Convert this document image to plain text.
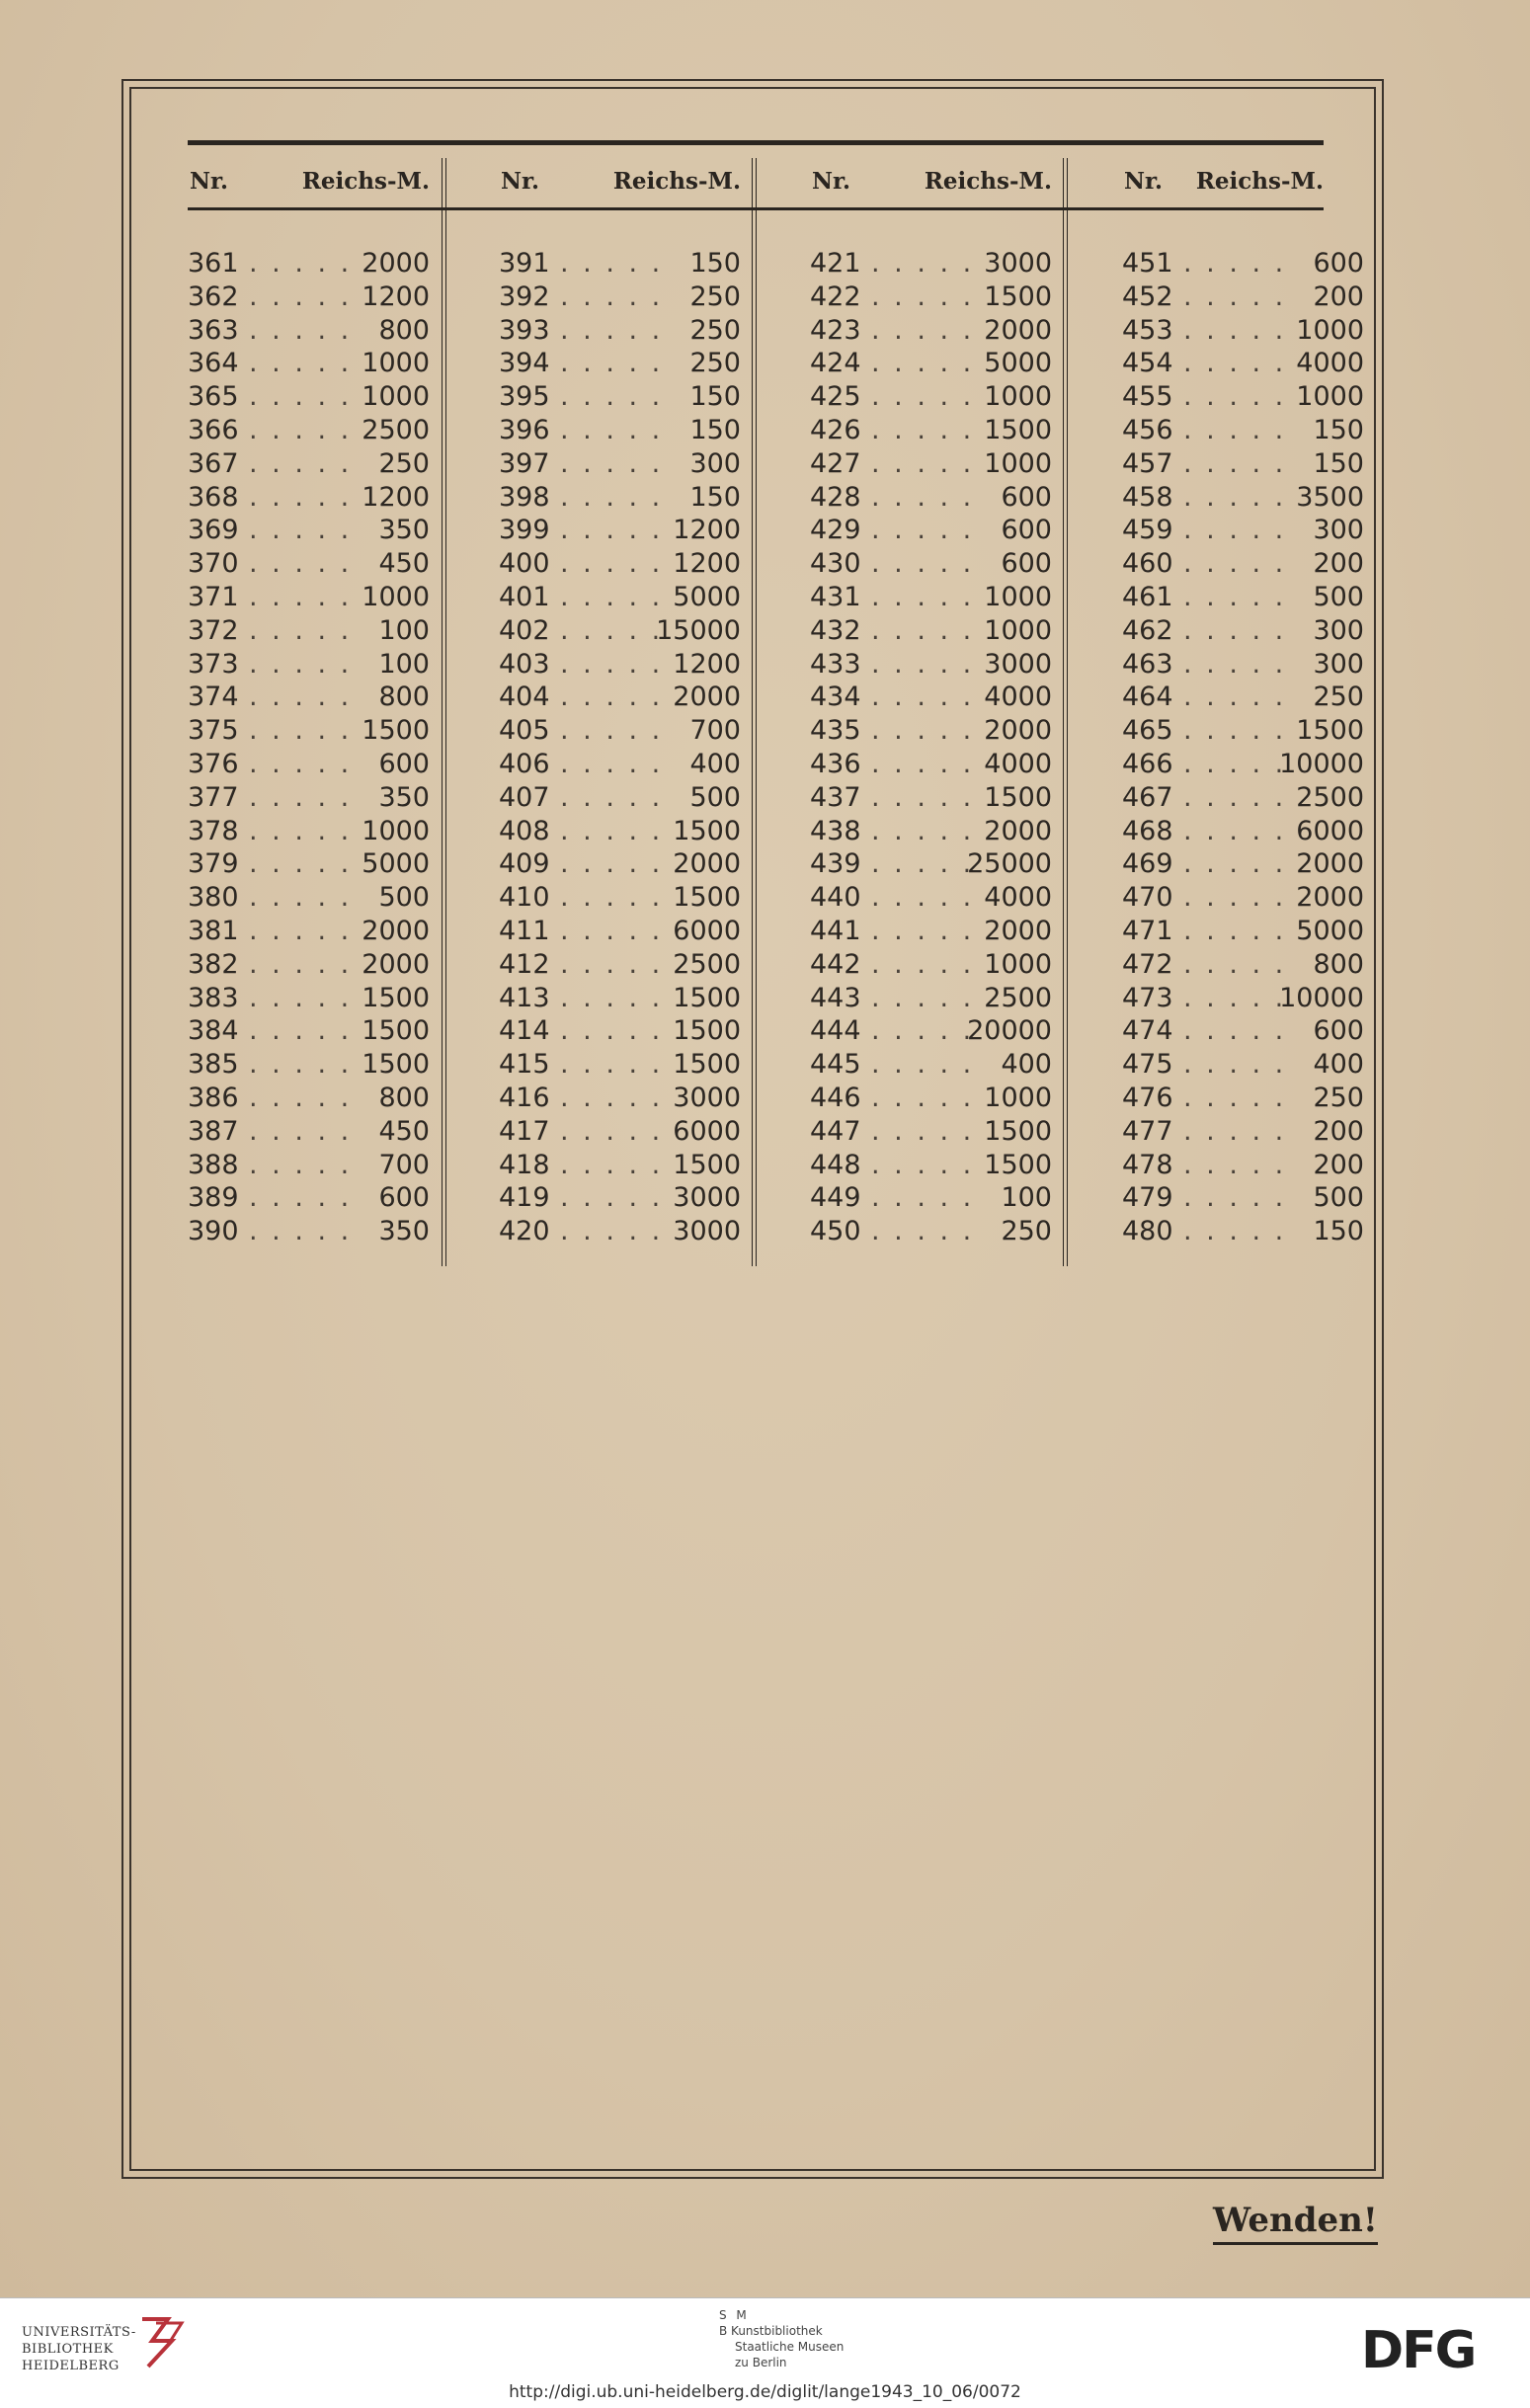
Nr.	Reichs-M.
361 . . .	2000
362 . . .	1200
363 . . .	800
364 . . .	1000
365 . . .	1000
366 . . .	2500
367 . . .	250
368 . . .	1200
369 . . .	350
370 . . .	450
371 . . .	1000
372 . . .	100
373 . . .	100
374 . . .	800
375 . . .	1500
376 . . .	600
377 . . .	350
378 . . .	1000
379 . . .	5000
380 . . .	500
381 . . .	2000
382 . . .	2000
383 . . .	1500
384 . . .	1500
385 . . .	1500
386 . . .	800
387 . . .	450
388 . . .	700
389 . . .	600
390 . . .	350
Nr.	Reichs-M.
391 . . .	150
392 . . .	250
393 . . .	250
394 . . .	250
395 . . .	150
396 . . .	150
397 . . .	300
398 . . .	150
399 . . .	1200
400 . . .	1200
401 . . .	5000
402 . . .	15000
403 . . .	1200
404 . . .	2000
405 . . .	700
406 . . .	400
407 . . .	500
408 . . .	1500
409 . . .	2000
410 . . .	1500
411 . . .	6000
412 . . .	2500
413 . . .	1500
414 . . .	1500
415 . . .	1500
416 . . .	3000
417 . . .	6000
418 . . .	1500
419 . . .	3000
420 . . .	3000
Nr.	Reichs-M.
421 . . .	3000
422 . . .	1500
423 . . .	2000
424 . . .	5000
425 . . .	1000
426 . . .	1500
427 . . .	1000
428 . . .	600
429 . . .	600
430 . . .	600
431 . . .	1000
432 . . .	1000
433 . . .	3000
434 . . .	4000
435 . . .	2000
436 . . .	4000
437 . . .	1500
438 . . .	2000
439 . . .	25000
440 . . .	4000
441 . . .	2000
442 . . .	1000
443 . . .	2500
444 . . .	20000
445 . . .	400
446 . . .	1000
447 . . .	1500
448 . . .	1500
449 . . .	100
450 . . .	250
Nr. Reichs-M.
451 . . .	600
452 . . .	200
453 . . .	1000
454 . . .	4000
455 . . .	1000
456 . . .	150
457 . . .	150
458 . . .	3500
459 . . .	300
460 . . .	200
461 . . .	500
462 . . .	300
463 . . .	300
464 . . .	250
465 . . .	1500
466 . . .	10000
467 . . .	2500
468 . . .	6000
469 . . .	2000
470 . . .	2000
471 . . .	5000
472 . . .	800
473 . . .	10000
474 . . .	600
475 . . .	400
476 . . .	250
477 . . .	200
478 . . .	200
479 . . .	500
480 . . .	150
Wenden!
UNIVERSITÄTS-
BIBLIOTHEK
HEIDELBERG
S M
B Kunstbibliothek
Staatliche Museen
zu Berlin	DFG
http://digi.ub.uni-heidelberg.de/diglit/lange1943_10_06/0072
